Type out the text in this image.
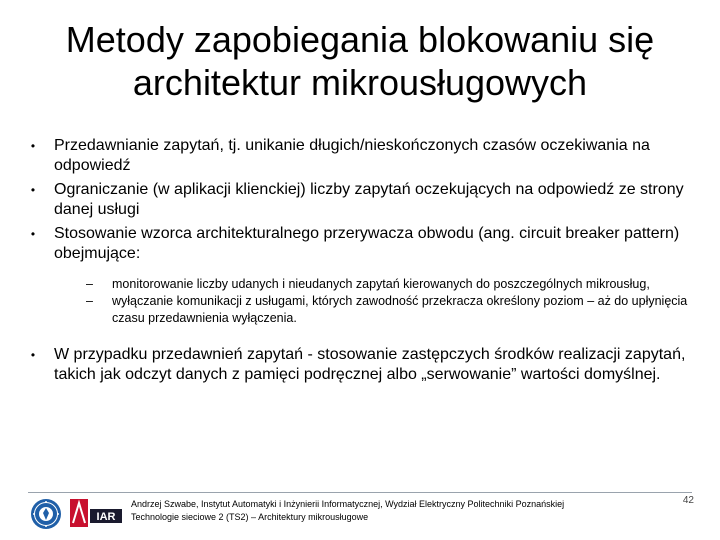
Metody zapobiegania blokowaniu się
architektur mikrousługowych
• Przedawnianie zapytań, tj. unikanie długich/nieskończonych czasów oczekiwania na odpowiedź
• Ograniczanie (w aplikacji klienckiej) liczby zapytań oczekujących na odpowiedź ze strony danej usługi
• Stosowanie wzorca architekturalnego przerywacza obwodu (ang. circuit breaker pattern) obejmujące:
–	monitorowanie liczby udanych i nieudanych zapytań kierowanych do poszczególnych mikrousług,
–	wyłączanie komunikacji z usługami, których zawodność przekracza określony poziom – aż do upłynięcia czasu przedawnienia wyłączenia.
• W przypadku przedawnień zapytań - stosowanie zastępczych środków realizacji zapytań, takich jak odczyt danych z pamięci podręcznej albo „serwowanie” wartości domyślnej.
IAR
Andrzej Szwabe, Instytut Automatyki i Inżynierii Informatycznej, Wydział Elektryczny Politechniki Poznańskiej
Technologie sieciowe 2 (TS2) – Architektury mikrousługowe
42
